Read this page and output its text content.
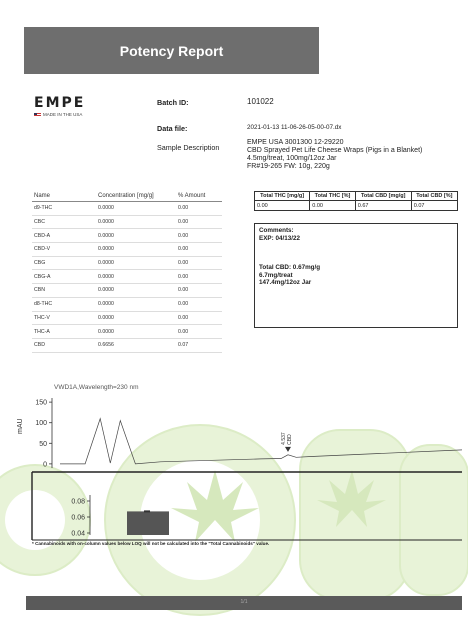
Potency Report
EMPE
MADE IN THE USA
Batch ID:	101022
Data file:	2021-01-13 11-06-26-05-00-07.dx
Sample Description
EMPE USA 3001300 12-29220
CBD Sprayed Pet Life Cheese Wraps (Pigs in a Blanket)
4.5mg/treat, 100mg/12oz Jar
FR#19-265 FW: 10g, 220g
Name	Concentration [mg/g]	% Amount
d9-THC	0.0000	0.00
CBC	0.0000	0.00
CBD-A	0.0000	0.00
CBD-V	0.0000	0.00
CBG	0.0000	0.00
CBG-A	0.0000	0.00
CBN	0.0000	0.00
d8-THC	0.0000	0.00
THC-V	0.0000	0.00
THC-A	0.0000	0.00
CBD	0.6656	0.07
Total THC [mg/g]	Total THC [%]	Total CBD [mg/g]	Total CBD [%]
0.00	0.00	0.67	0.07
Comments:
EXP: 04/13/22
Total CBD: 0.67mg/g
6.7mg/treat
147.4mg/12oz Jar
VWD1A,Wavelength=230 nm
0
50
100
150
mAU
4.537 CBD
0.04
0.06
0.08
* Cannabinoids with on-column values below LOQ will not be calculated into the "Total Cannabinoids" value.
1/1
